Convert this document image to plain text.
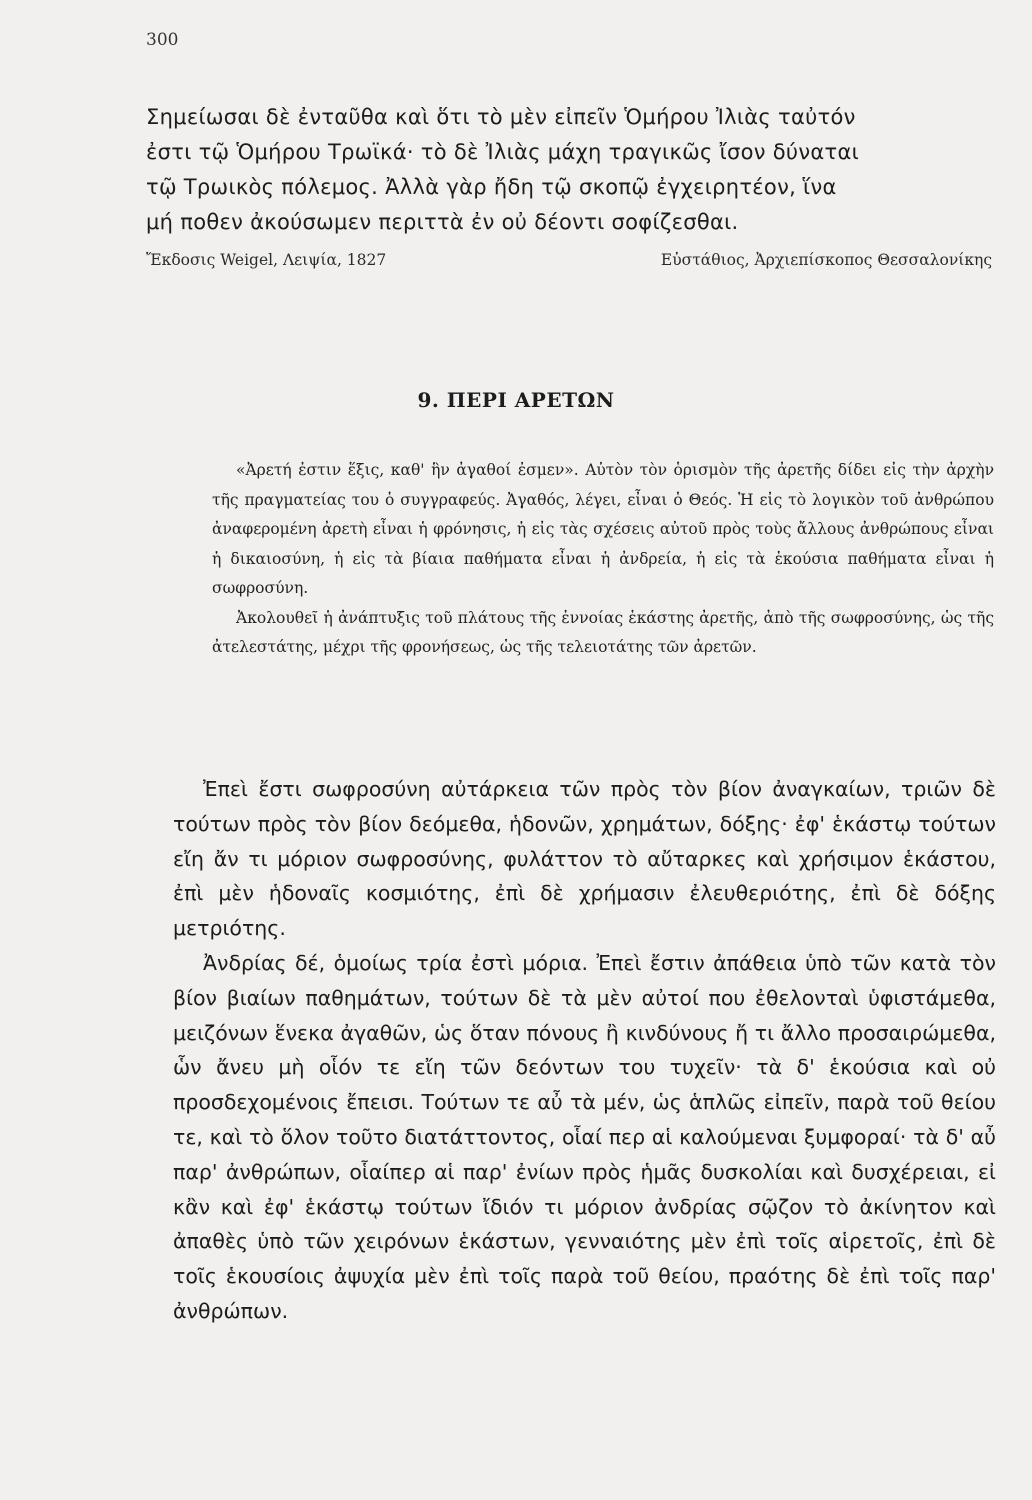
300

Σημείωσαι δὲ ἐνταῦθα καὶ ὅτι τὸ μὲν εἰπεῖν Ὁμήρου Ἰλιὰς ταὐτόν

ἐστι τῷ Ὁμήρου Τρωϊκά· τὸ δὲ Ἰλιὰς μάχη τραγικῶς ἴσον δύναται

τῷ Τρωικὸς πόλεμος. Ἀλλὰ γὰρ ἤδη τῷ σκοπῷ ἐγχειρητέον, ἵνα

μή ποθεν ἀκούσωμεν περιττὰ ἐν οὐ δέοντι σοφίζεσθαι.

Ἔκδοσις Weigel, Λειψία, 1827	Εὐστάθιος, Ἀρχιεπίσκοπος Θεσσαλονίκης
9. ΠΕΡΙ ΑΡΕΤΩΝ

«Ἀρετή ἐστιν ἕξις, καθ' ἣν ἀγαθοί ἐσμεν». Αὐτὸν τὸν ὁρισμὸν τῆς ἀρετῆς δίδει εἰς τὴν ἀρχὴν τῆς πραγματείας του ὁ συγγραφεύς. Ἀγαθός, λέγει, εἶναι ὁ Θεός. Ἡ εἰς τὸ λογικὸν τοῦ ἀνθρώπου ἀναφερομένη ἀρετὴ εἶναι ἡ φρόνησις, ἡ εἰς τὰς σχέσεις αὐτοῦ πρὸς τοὺς ἄλλους ἀνθρώπους εἶναι ἡ δικαιοσύνη, ἡ εἰς τὰ βίαια παθήματα εἶναι ἡ ἀνδρεία, ἡ εἰς τὰ ἑκούσια παθήματα εἶναι ἡ σωφροσύνη.

Ἀκολουθεῖ ἡ ἀνάπτυξις τοῦ πλάτους τῆς ἐννοίας ἑκάστης ἀρετῆς, ἀπὸ τῆς σωφροσύνης, ὡς τῆς ἀτελεστάτης, μέχρι τῆς φρονήσεως, ὡς τῆς τελειοτάτης τῶν ἀρετῶν.

Ἐπεὶ ἔστι σωφροσύνη αὐτάρκεια τῶν πρὸς τὸν βίον ἀναγκαίων, τριῶν δὲ τούτων πρὸς τὸν βίον δεόμεθα, ἡδονῶν, χρημάτων, δόξης· ἐφ' ἑκάστῳ τούτων εἴη ἄν τι μόριον σωφροσύνης, φυλάττον τὸ αὔταρκες καὶ χρήσιμον ἑκάστου, ἐπὶ μὲν ἡδοναῖς κοσμιότης, ἐπὶ δὲ χρήμασιν ἐλευθεριότης, ἐπὶ δὲ δόξης μετριότης.

Ἀνδρίας δέ, ὁμοίως τρία ἐστὶ μόρια. Ἐπεὶ ἔστιν ἀπάθεια ὑπὸ τῶν κατὰ τὸν βίον βιαίων παθημάτων, τούτων δὲ τὰ μὲν αὐτοί που ἐθελονταὶ ὑφιστάμεθα, μειζόνων ἕνεκα ἀγαθῶν, ὡς ὅταν πόνους ἢ κινδύνους ἤ τι ἄλλο προσαιρώμεθα, ὧν ἄνευ μὴ οἷόν τε εἴη τῶν δεόντων του τυχεῖν· τὰ δ' ἑκούσια καὶ οὐ προσδεχομένοις ἔπεισι. Τούτων τε αὖ τὰ μέν, ὡς ἁπλῶς εἰπεῖν, παρὰ τοῦ θείου τε, καὶ τὸ ὅλον τοῦτο διατάττοντος, οἷαί περ αἱ καλούμεναι ξυμφοραί· τὰ δ' αὖ παρ' ἀνθρώπων, οἷαίπερ αἱ παρ' ἐνίων πρὸς ἡμᾶς δυσκολίαι καὶ δυσχέρειαι, εἰ κἂν καὶ ἐφ' ἑκάστῳ τούτων ἴδιόν τι μόριον ἀνδρίας σῷζον τὸ ἀκίνητον καὶ ἀπαθὲς ὑπὸ τῶν χειρόνων ἑκάστων, γενναιότης μὲν ἐπὶ τοῖς αἱρετοῖς, ἐπὶ δὲ τοῖς ἑκουσίοις ἀψυχία μὲν ἐπὶ τοῖς παρὰ τοῦ θείου, πραότης δὲ ἐπὶ τοῖς παρ' ἀνθρώπων.
